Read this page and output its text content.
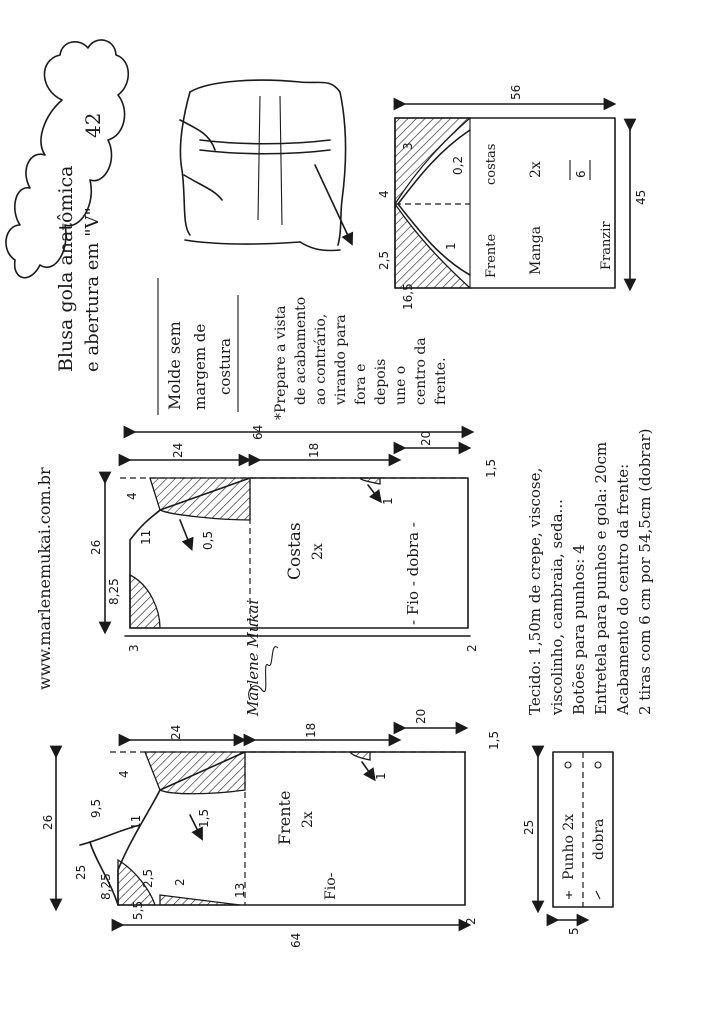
Blusa gola anatômica e abertura em "V"
42
Molde sem margem de costura	*Prepare a vista de acabamento ao contrário, virando para fora e depois une o centro da frente.
56
45
3
4
0,2
1
2,5
16,5
6
costas
Frente
2x
Manga	Franzir
www.marlenemukai.com.br
64
26
24	18
20
1,5
4
11	0,5
8,25
3	2
1
Costas 2x	- Fio - dobra -
Marlene Mukai	Tecido: 1,50m de crepe, viscose, viscolinho, cambraia, seda... Botões para punhos: 4 Entretela para punhos e gola: 20cm Acabamento do centro da frente: 2 tiras com 6 cm por 54,5cm (dobrar)
64
26
24	18
20
1,5
4
11	1,5
9,5
8,25
25	2,5 2
13
5,5
2
1
Frente 2x
Fio-
25
5
Punho 2x dobra
